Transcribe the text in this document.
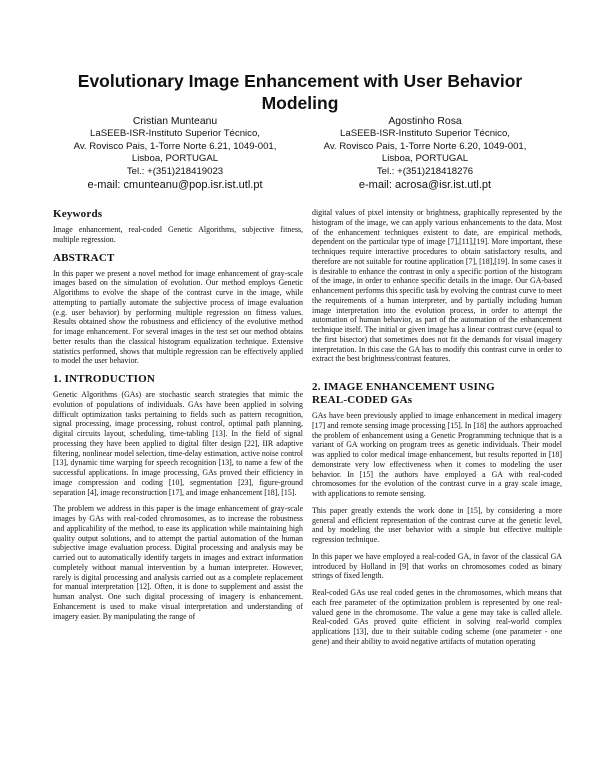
Evolutionary Image Enhancement with User Behavior Modeling
Cristian Munteanu
LaSEEB-ISR-Instituto Superior Técnico,
Av. Rovisco Pais, 1-Torre Norte 6.21, 1049-001,
Lisboa, PORTUGAL
Tel.: +(351)218419023
e-mail: cmunteanu@pop.isr.ist.utl.pt
Agostinho Rosa
LaSEEB-ISR-Instituto Superior Técnico,
Av. Rovisco Pais, 1-Torre Norte 6.20, 1049-001,
Lisboa, PORTUGAL
Tel.: +(351)218418276
e-mail: acrosa@isr.ist.utl.pt
Keywords

Image enhancement, real-coded Genetic Algorithms, subjective fitness, multiple regression.

ABSTRACT

In this paper we present a novel method for image enhancement of gray-scale images based on the simulation of evolution. Our method employs Genetic Algorithms to evolve the shape of the contrast curve in the image, while attempting to partially automate the subjective process of image evaluation (e.g. user behavior) by performing multiple regression on fitness values. Results obtained show the robustness and efficiency of the evolutive method for image enhancement. For several images in the test set our method obtains better results than the classical histogram equalization technique. Extensive statistics performed, shows that multiple regression can be effectively applied to model the user behavior.

1. INTRODUCTION

Genetic Algorithms (GAs) are stochastic search strategies that mimic the evolution of populations of individuals. GAs have been applied in solving difficult optimization tasks pertaining to fields such as pattern recognition, signal processing, image processing, robust control, optimal path planning, digital circuits layout, scheduling, time-tabling [13]. In the field of signal processing they have been applied to digital filter design [22], IIR adaptive filtering, nonlinear model selection, time-delay estimation, active noise control [13], dynamic time warping for speech recognition [13], to name a few of the successful applications. In image processing, GAs proved their efficiency in image compression and coding [10], segmentation [23], figure-ground separation [4], image reconstruction [17], and image enhancement [18], [15].

The problem we address in this paper is the image enhancement of gray-scale images by GAs with real-coded chromosomes, as to increase the robustness and applicability of the method, to ease its application while maintaining high quality output solutions, and to attempt the partial automation of the human subjective image evaluation process. Digital processing and analysis may be carried out to automatically identify targets in images and extract information completely without manual intervention by a human interpreter. However, rarely is digital processing and analysis carried out as a complete replacement for manual interpretation [12]. Often, it is done to supplement and assist the human analyst. One such digital processing of imagery is enhancement. Enhancement is used to make visual interpretation and understanding of imagery easier. By manipulating the range of

digital values of pixel intensity or brightness, graphically represented by the histogram of the image, we can apply various enhancements to the data. Most of the enhancement techniques existent to date, are empirical methods, dependent on the particular type of image [7],[11],[19]. More important, these techniques require interactive procedures to obtain satisfactory results, and therefore are not suitable for routine application [7], [18],[19]. In some cases it is desirable to enhance the contrast in only a specific portion of the histogram of the image, in order to enhance specific details in the image. Our GA-based enhancement performs this specific task by evolving the contrast curve to meet the requirements of a human interpreter, and by partially including human image interpretation into the evolution process, in order to attempt the automation of human behavior, as part of the automation of the enhancement technique itself. The initial or given image has a linear contrast curve (equal to the first bisector) that sometimes does not fit the demands for visual imagery interpretation. In this case the GA has to modify this contrast curve in order to extract the best brightness/contrast features.

2. IMAGE ENHANCEMENT USING
REAL-CODED GAs

GAs have been previously applied to image enhancement in medical imagery [17] and remote sensing image processing [15]. In [18] the authors approached the problem of enhancement using a Genetic Programming technique that is a variant of GA working on program trees as genetic individuals. Their model was applied to color medical image enhancement, but results reported in [18] demonstrate very low effectiveness when it comes to modeling the user behavior. In [15] the authors have employed a GA with real-coded chromosomes for the evolution of the contrast curve in a gray scale image, with applications to remote sensing.

This paper greatly extends the work done in [15], by considering a more general and efficient representation of the contrast curve at the genetic level, and by modeling the user behavior with a simple but effective multiple regression technique.

In this paper we have employed a real-coded GA, in favor of the classical GA introduced by Holland in [9] that works on chromosomes coded as binary strings of fixed length.

Real-coded GAs use real coded genes in the chromosomes, which means that each free parameter of the optimization problem is represented by one real-valued gene in the chromosome. The value a gene may take is called allele. Real-coded GAs proved quite efficient in solving real-world complex applications [13], due to their suitable coding scheme (one parameter - one gene) and their ability to avoid negative artifacts of mutation operating
